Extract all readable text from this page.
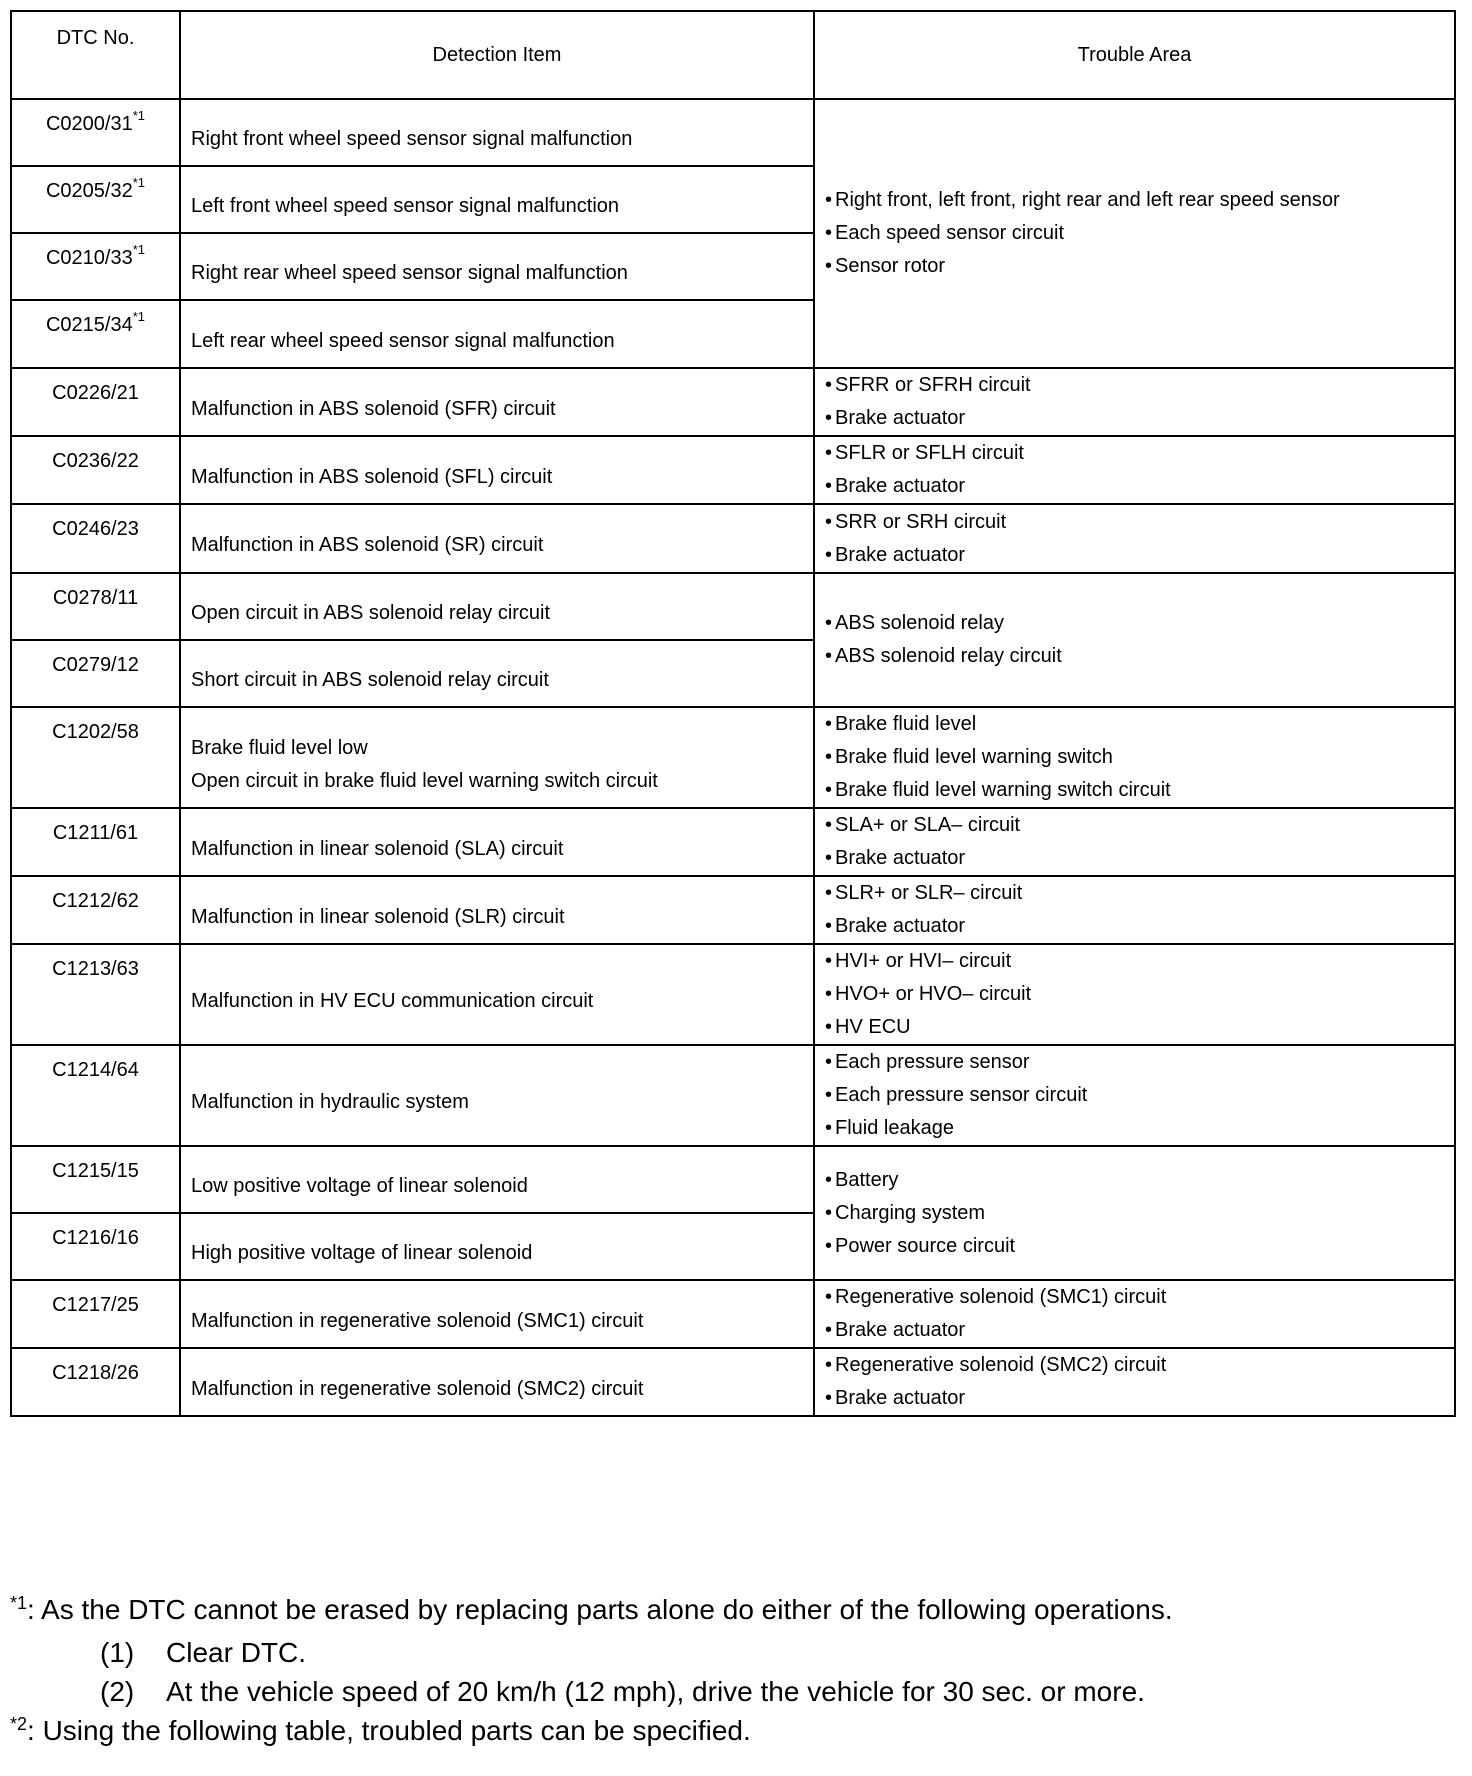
DTC No.	Detection Item	Trouble Area
C0200/31$^{*1}$	Right front wheel speed sensor signal malfunction	• Right front, left front, right rear and left rear speed sensor
• Each speed sensor circuit
• Sensor rotor

C0205/32$^{*1}$	Left front wheel speed sensor signal malfunction	

C0210/33$^{*1}$	Right rear wheel speed sensor signal malfunction	

C0215/34$^{*1}$	Left rear wheel speed sensor signal malfunction	

C0226/21	Malfunction in ABS solenoid (SFR) circuit	• SFRR or SFRH circuit
• Brake actuator

C0236/22	Malfunction in ABS solenoid (SFL) circuit	• SFLR or SFLH circuit
• Brake actuator

C0246/23	Malfunction in ABS solenoid (SR) circuit	• SRR or SRH circuit
• Brake actuator

C0278/11	Open circuit in ABS solenoid relay circuit	• ABS solenoid relay
• ABS solenoid relay circuit

C0279/12	Short circuit in ABS solenoid relay circuit	

C1202/58	Brake fluid level low
Open circuit in brake fluid level warning switch circuit	• Brake fluid level
• Brake fluid level warning switch
• Brake fluid level warning switch circuit

C1211/61	Malfunction in linear solenoid (SLA) circuit	• SLA+ or SLA– circuit
• Brake actuator

C1212/62	Malfunction in linear solenoid (SLR) circuit	• SLR+ or SLR– circuit
• Brake actuator

C1213/63	Malfunction in HV ECU communication circuit	• HVI+ or HVI– circuit
• HVO+ or HVO– circuit
• HV ECU

C1214/64	Malfunction in hydraulic system	• Each pressure sensor
• Each pressure sensor circuit
• Fluid leakage

C1215/15	Low positive voltage of linear solenoid	• Battery
• Charging system
• Power source circuit

C1216/16	High positive voltage of linear solenoid	

C1217/25	Malfunction in regenerative solenoid (SMC1) circuit	• Regenerative solenoid (SMC1) circuit
• Brake actuator

C1218/26	Malfunction in regenerative solenoid (SMC2) circuit	• Regenerative solenoid (SMC2) circuit
• Brake actuator
$^{*1}$: As the DTC cannot be erased by replacing parts alone do either of the following operations.
(1) Clear DTC.
(2) At the vehicle speed of 20 km/h (12 mph), drive the vehicle for 30 sec. or more.
$^{*2}$: Using the following table, troubled parts can be specified.
